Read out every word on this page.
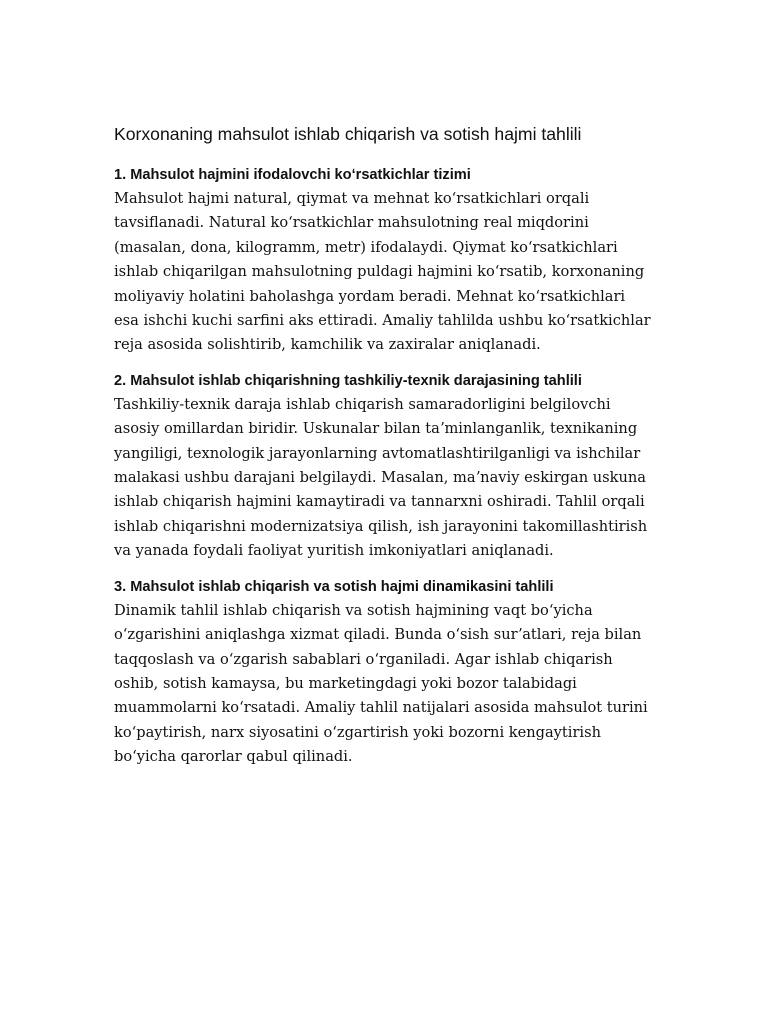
Korxonaning mahsulot ishlab chiqarish va sotish hajmi tahlili
1. Mahsulot hajmini ifodalovchi koʻrsatkichlar tizimi

Mahsulot hajmi natural, qiymat va mehnat koʻrsatkichlari orqali
tavsiflanadi. Natural koʻrsatkichlar mahsulotning real miqdorini
(masalan, dona, kilogramm, metr) ifodalaydi. Qiymat koʻrsatkichlari
ishlab chiqarilgan mahsulotning puldagi hajmini koʻrsatib, korxonaning
moliyaviy holatini baholashga yordam beradi. Mehnat koʻrsatkichlari
esa ishchi kuchi sarfini aks ettiradi. Amaliy tahlilda ushbu koʻrsatkichlar
reja asosida solishtirib, kamchilik va zaxiralar aniqlanadi.

2. Mahsulot ishlab chiqarishning tashkiliy-texnik darajasining tahlili

Tashkiliy-texnik daraja ishlab chiqarish samaradorligini belgilovchi
asosiy omillardan biridir. Uskunalar bilan taʼminlanganlik, texnikaning
yangiligi, texnologik jarayonlarning avtomatlashtirilganligi va ishchilar
malakasi ushbu darajani belgilaydi. Masalan, maʼnaviy eskirgan uskuna
ishlab chiqarish hajmini kamaytiradi va tannarxni oshiradi. Tahlil orqali
ishlab chiqarishni modernizatsiya qilish, ish jarayonini takomillashtirish
va yanada foydali faoliyat yuritish imkoniyatlari aniqlanadi.

3. Mahsulot ishlab chiqarish va sotish hajmi dinamikasini tahlili

Dinamik tahlil ishlab chiqarish va sotish hajmining vaqt boʻyicha
oʻzgarishini aniqlashga xizmat qiladi. Bunda oʻsish surʼatlari, reja bilan
taqqoslash va oʻzgarish sabablari oʻrganiladi. Agar ishlab chiqarish
oshib, sotish kamaysa, bu marketingdagi yoki bozor talabidagi
muammolarni koʻrsatadi. Amaliy tahlil natijalari asosida mahsulot turini
koʻpaytirish, narx siyosatini oʻzgartirish yoki bozorni kengaytirish
boʻyicha qarorlar qabul qilinadi.
